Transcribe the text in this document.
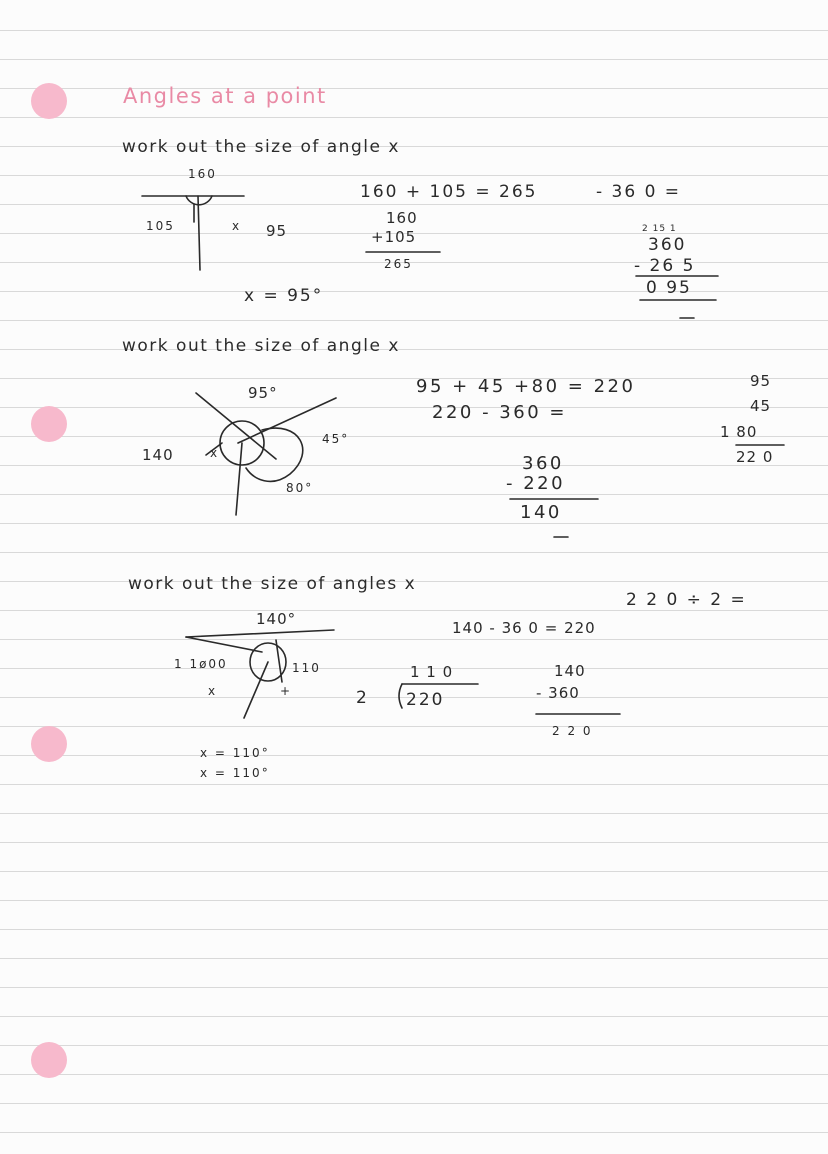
Angles at a point
work out the size of angle x
160
105	x 95
160 + 105 = 265	- 36 0 =
160
+105
265
2 15 1
360
- 26 5
0 95
x = 95°
work out the size of angle x
95°
45°
80°
140	x
95 + 45 +80 = 220
220 - 360 =
95
45
1 80
22 0
360
- 220
140
work out the size of angles x
140°
1 1ø00	110
x	+
2 2 0 ÷ 2 =
140 - 36 0 = 220
1 1 0
2 220
140
- 360
2 2 0
x = 110°
x = 110°
